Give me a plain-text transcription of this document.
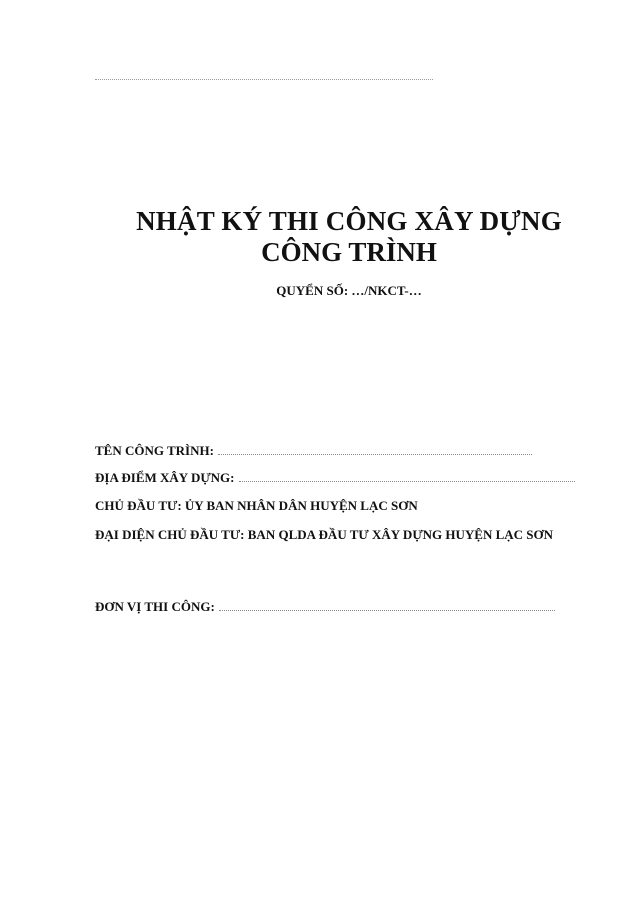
NHẬT KÝ THI CÔNG XÂY DỰNG
CÔNG TRÌNH
QUYỂN SỐ: …/NKCT-…
TÊN CÔNG TRÌNH:
ĐỊA ĐIỂM XÂY DỰNG:
CHỦ ĐẦU TƯ: ỦY BAN NHÂN DÂN HUYỆN LẠC SƠN
ĐẠI DIỆN CHỦ ĐẦU TƯ: BAN QLDA ĐẦU TƯ XÂY DỰNG HUYỆN LẠC SƠN
ĐƠN VỊ THI CÔNG:
